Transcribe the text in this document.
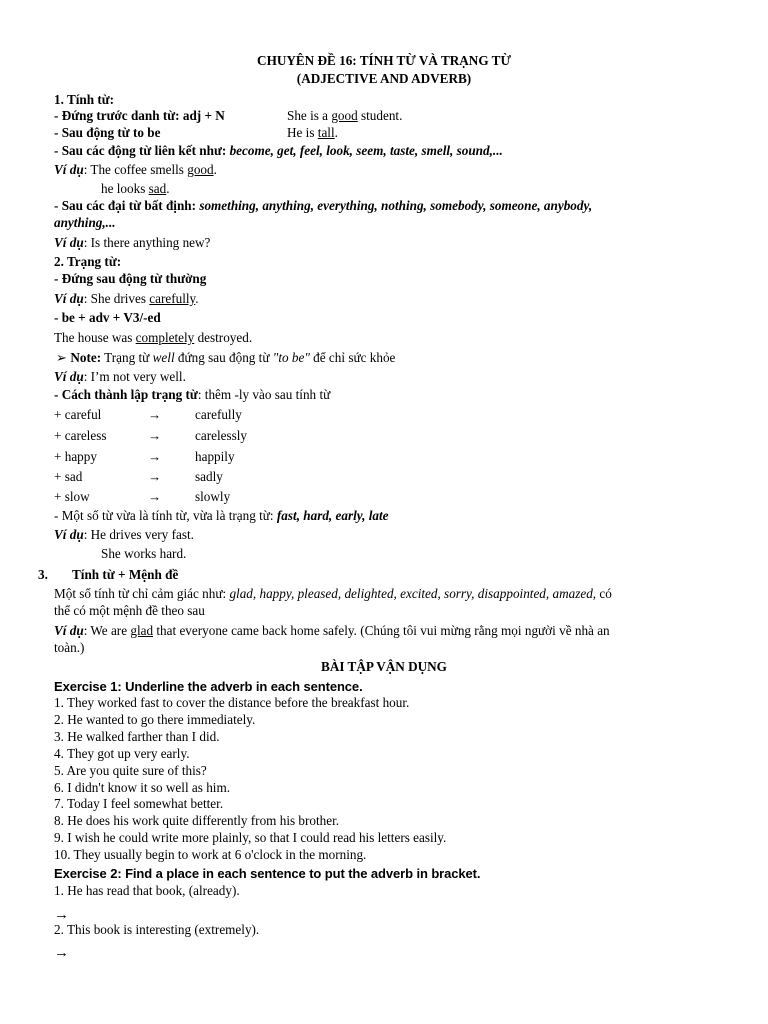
CHUYÊN ĐỀ 16: TÍNH TỪ VÀ TRẠNG TỪ
(ADJECTIVE AND ADVERB)
1. Tính từ:
- Đứng trước danh từ: adj + N	She is a good student.
- Sau động từ to be	He is tall.
- Sau các động từ liên kết như: become, get, feel, look, seem, taste, smell, sound,...
Ví dụ: The coffee smells good.
he looks sad.
- Sau các đại từ bất định: something, anything, everything, nothing, somebody, someone, anybody,
anything,...
Ví dụ: Is there anything new?
2. Trạng từ:
- Đứng sau động từ thường
Ví dụ: She drives carefully.
- be + adv + V3/-ed
The house was completely destroyed.
➢ Note: Trạng từ well đứng sau động từ "to be" để chỉ sức khỏe
Ví dụ: I’m not very well.
- Cách thành lập trạng từ: thêm -ly vào sau tính từ
+ careful	→	carefully
+ careless	→	carelessly
+ happy	→	happily
+ sad	→	sadly
+ slow	→	slowly
- Một số từ vừa là tính từ, vừa là trạng từ: fast, hard, early, late
Ví dụ: He drives very fast.
She works hard.
3. Tính từ + Mệnh đề
Một số tính từ chỉ cảm giác như: glad, happy, pleased, delighted, excited, sorry, disappointed, amazed, có
thể có một mệnh đề theo sau
Ví dụ: We are glad that everyone came back home safely. (Chúng tôi vui mừng rằng mọi người về nhà an
toàn.)
BÀI TẬP VẬN DỤNG
Exercise 1: Underline the adverb in each sentence.
1. They worked fast to cover the distance before the breakfast hour.
2. He wanted to go there immediately.
3. He walked farther than I did.
4. They got up very early.
5. Are you quite sure of this?
6. I didn't know it so well as him.
7. Today I feel somewhat better.
8. He does his work quite differently from his brother.
9. I wish he could write more plainly, so that I could read his letters easily.
10. They usually begin to work at 6 o'clock in the morning.
Exercise 2: Find a place in each sentence to put the adverb in bracket.
1. He has read that book, (already).
→
2. This book is interesting (extremely).
→
